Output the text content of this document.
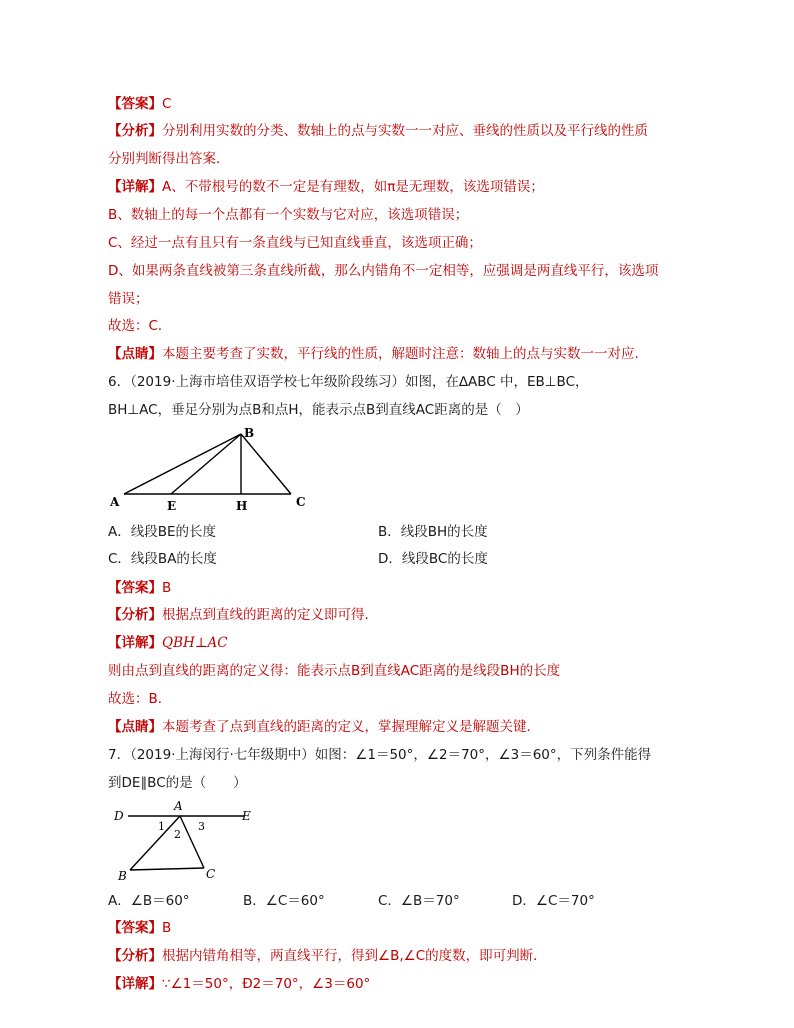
【答案】C
【分析】分别利用实数的分类、数轴上的点与实数一一对应、垂线的性质以及平行线的性质
分别判断得出答案．
【详解】A、不带根号的数不一定是有理数，如π是无理数，该选项错误；
B、数轴上的每一个点都有一个实数与它对应，该选项错误；
C、经过一点有且只有一条直线与已知直线垂直，该选项正确；
D、如果两条直线被第三条直线所截，那么内错角不一定相等，应强调是两直线平行，该选项
错误；
故选：C．
【点睛】本题主要考查了实数，平行线的性质，解题时注意：数轴上的点与实数一一对应．
6．（2019·上海市培佳双语学校七年级阶段练习）如图，在∆ABC 中，EB⊥BC，
BH⊥AC，垂足分别为点B和点H，能表示点B到直线AC距离的是（　）
A
B
C
E	H
A．线段BE的长度	B．线段BH的长度
C．线段BA的长度	D．线段BC的长度
【答案】B
【分析】根据点到直线的距离的定义即可得．
【详解】QBH⊥AC
则由点到直线的距离的定义得：能表示点B到直线AC距离的是线段BH的长度
故选：B．
【点睛】本题考查了点到直线的距离的定义，掌握理解定义是解题关键．
7．（2019·上海闵行·七年级期中）如图：∠1＝50°，∠2＝70°，∠3＝60°，下列条件能得
到DE∥BC的是（　　）
D
A
E
B	C
1
2
3
A．∠B＝60°	B．∠C＝60°	C．∠B＝70°	D．∠C＝70°
【答案】B
【分析】根据内错角相等，两直线平行，得到∠B,∠C的度数，即可判断．
【详解】∵∠1＝50°，Ð2＝70°，∠3＝60°
